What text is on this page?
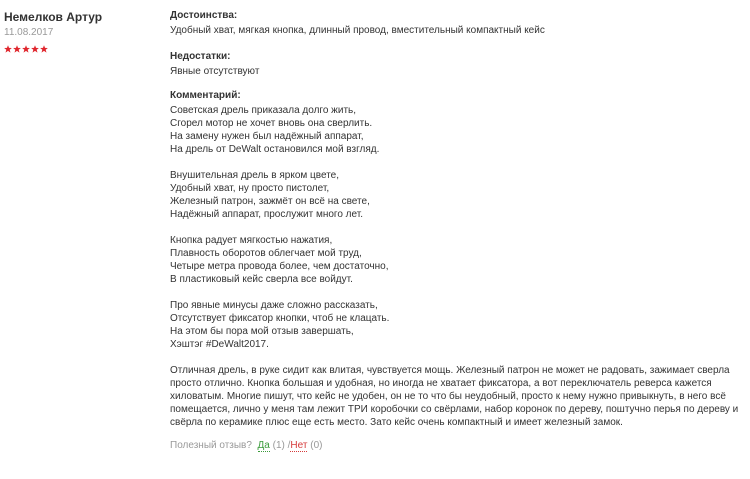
Немелков Артур
11.08.2017
Достоинства:
Удобный хват, мягкая кнопка, длинный провод, вместительный компактный кейс
Недостатки:
Явные отсутствуют
Комментарий:
Советская дрель приказала долго жить,
Сгорел мотор не хочет вновь она сверлить.
На замену нужен был надёжный аппарат,
На дрель от DeWalt остановился мой взгляд.
Внушительная дрель в ярком цвете,
Удобный хват, ну просто пистолет,
Железный патрон, зажмёт он всё на свете,
Надёжный аппарат, прослужит много лет.
Кнопка радует мягкостью нажатия,
Плавность оборотов облегчает мой труд,
Четыре метра провода более, чем достаточно,
В пластиковый кейс сверла все войдут.
Про явные минусы даже сложно рассказать,
Отсутствует фиксатор кнопки, чтоб не клацать.
На этом бы пора мой отзыв завершать,
Хэштэг #DeWalt2017.
Отличная дрель, в руке сидит как влитая, чувствуется мощь. Железный патрон не может не радовать, зажимает сверла просто отлично. Кнопка большая и удобная, но иногда не хватает фиксатора, а вот переключатель реверса кажется хиловатым. Многие пишут, что кейс не удобен, он не то что бы неудобный, просто к нему нужно привыкнуть, в него всё помещается, лично у меня там лежит ТРИ коробочки со свёрлами, набор коронок по дереву, поштучно перья по дереву и свёрла по керамике плюс еще есть место. Зато кейс очень компактный и имеет железный замок.
Полезный отзыв? Да (1) /Нет (0)
